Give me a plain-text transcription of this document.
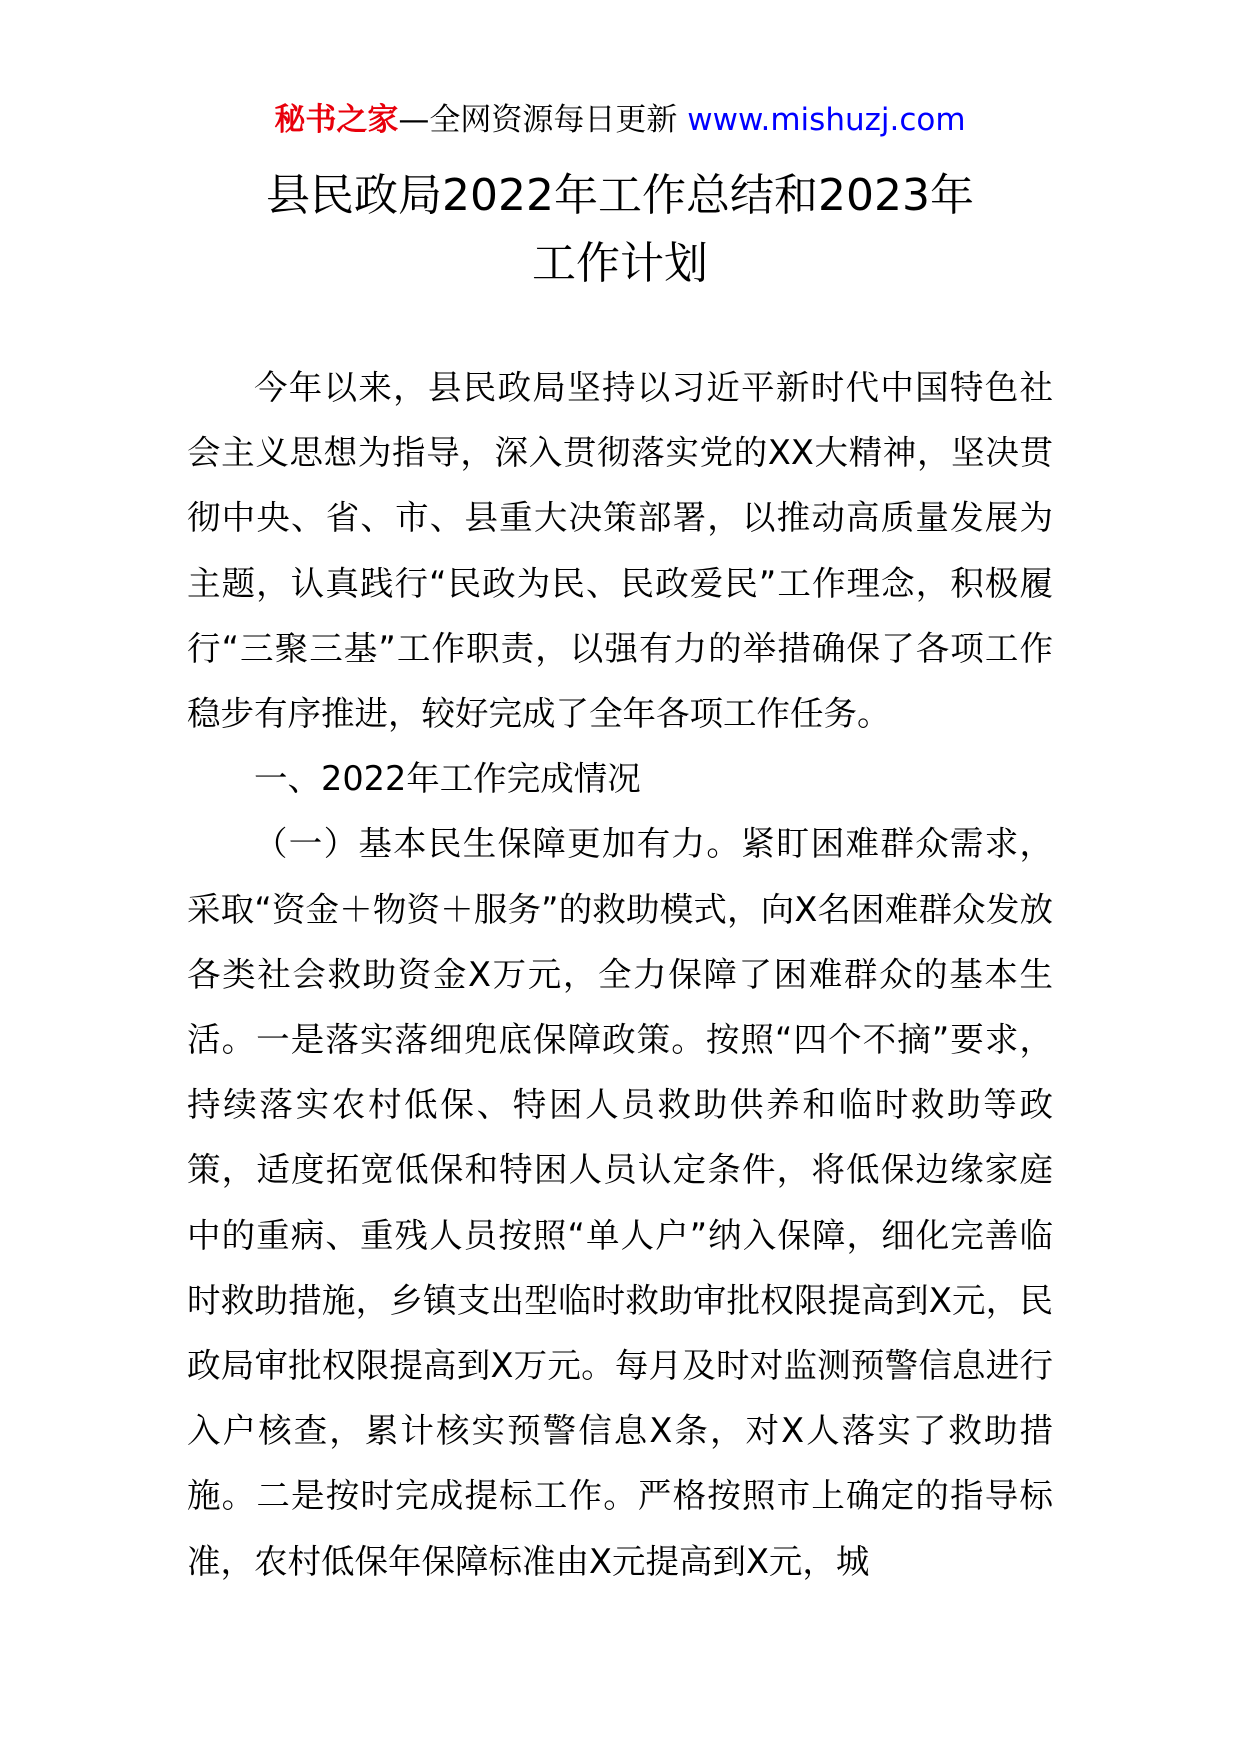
秘书之家—全网资源每日更新 www.mishuzj.com
县民政局2022年工作总结和2023年
工作计划

今年以来，县民政局坚持以习近平新时代中国特色社会主义思想为指导，深入贯彻落实党的XX大精神，坚决贯彻中央、省、市、县重大决策部署，以推动高质量发展为主题，认真践行“民政为民、民政爱民”工作理念，积极履行“三聚三基”工作职责，以强有力的举措确保了各项工作稳步有序推进，较好完成了全年各项工作任务。

一、2022年工作完成情况

（一）基本民生保障更加有力。紧盯困难群众需求，采取“资金＋物资＋服务”的救助模式，向X名困难群众发放各类社会救助资金X万元，全力保障了困难群众的基本生活。一是落实落细兜底保障政策。按照“四个不摘”要求，持续落实农村低保、特困人员救助供养和临时救助等政策，适度拓宽低保和特困人员认定条件，将低保边缘家庭中的重病、重残人员按照“单人户”纳入保障，细化完善临时救助措施，乡镇支出型临时救助审批权限提高到X元，民政局审批权限提高到X万元。每月及时对监测预警信息进行入户核查，累计核实预警信息X条，对X人落实了救助措施。二是按时完成提标工作。严格按照市上确定的指导标准，农村低保年保障标准由X元提高到X元，城
